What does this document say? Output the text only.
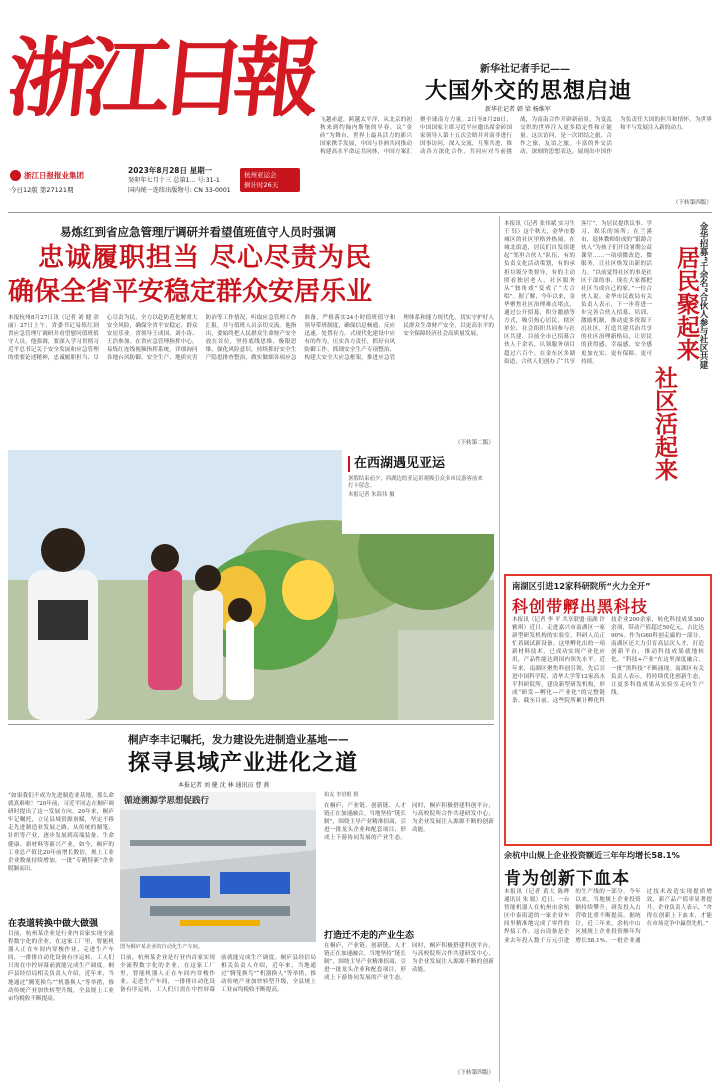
浙
江
日
報
浙江日报报业集团
今日12版 第27121期
2023年8月28日 星期一
癸卯年七月十三 总第1... 号:31-1
国内统一连续出版物号: CN 33-0001
杭州亚运会
倒计时26天
新华社记者手记——
大国外交的思想启迪
新华社记者 韩 梁 杨维军
飞越赤道，跨越太平洋，从北京的初秋来到约翰内斯堡的早春。议“金砖”为舞台，世界上最具活力的新兴国家携手发展，中国与非洲共同推动构建高水平命运共同体，中国方案汇聚全球南方力量。2日至8月28日，中国国家主席习近平应邀出席金砖国家领导人第十五次会晤并对南非进行国事访问，深入交流，互鉴共进，推动各方深化合作，共同应对当前挑战，为南南合作开辟新前景，为变乱交织的世界注入更多稳定性和正能量。这次访问，是一次团结之旅，合作之旅，友谊之旅。丰富的外交活动，深刻的思想表达，展现出中国作为负责任大国的担当和情怀，为世界和平与发展注入新的动力。
（下转第四版）
易炼红到省应急管理厅调研并看望值班值守人员时强调
忠诚履职担当 尽心尽责为民
确保全省平安稳定群众安居乐业
本报杭州8月27日讯（记者 刘 健 余 丽）27日上午，省委书记易炼红到省应急管理厅调研并看望慰问值班值守人员。他强调，要深入学习贯彻习近平总书记关于安全发展和应急管理的重要论述精神，忠诚履职担当、尽心尽责为民，全力以赴防范化解重大安全风险，确保全省平安稳定、群众安居乐业。省领导王成国、刘小涛、王浩参加。在省应急管理指挥中心，易炼红连线视频指挥系统，详细询问各地台风防御、安全生产、地质灾害防治等工作情况，听取应急管理工作汇报，并与值班人员亲切交流。他指出，要始终把人民群众生命财产安全放在首位，坚持底线思维、极限思维，强化风险意识，持续抓好安全生产隐患排查整治，做实做细各项应急准备，严格落实24小时值班值守和领导带班制度，确保信息畅通、反应迅速、处置有力。式现代化建设中应有的作为，压实各方责任，抓好台风防御工作，抓细安全生产专项整治，构建大安全大应急框架，推进应急管理体系和能力现代化，切实守护好人民群众生命财产安全，以更高水平的安全保障经济社会高质量发展。
（下转第二版）
在西湖遇见亚运
暑假结束前夕，西湖边的亚运景观吸引众多市民游客前来打卡留念。
本报记者 朱海伟 摄
本报讯（记者 张伟斌 实习生 王 钰）这个秋天，金华市婺城区的社区里格外热闹。在城北街道，居民们自发组建起“邻里合伙人”队伍，有的负责文化活动策划，有的承担垃圾分类督导，有的主动照看独居老人，社区服务从“独角戏”变成了“大合唱”。据了解，今年以来，金华聚焦社区治理难点堵点，通过公开招募、积分激励等方式，吸引热心居民、辖区单位、社会组织共同参与社区共建，目前全市已招募合伙人千余名，认领服务项目超过六百个。在金东区多湖街道，合伙人们创办了“共享客厅”，为居民提供议事、学习、娱乐的场所；在兰溪市，退休教师组成的“银龄合伙人”为孩子们开设暑期公益课堂……一项项微改造、微服务，让社区焕发出新的活力。“以前觉得社区的事是社区干部的事，现在大家都把社区当成自己的家。”一位合伙人说。金华市民政局有关负责人表示，下一步将进一步完善合伙人招募、培训、激励机制，推动更多资源下沉社区，打造共建共治共享的社区治理新格局，让居民的获得感、幸福感、安全感更加充实、更有保障、更可持续。	金华招募“千余名”合伙人参与社区共建
居民聚起来
社区活起来
南湖区引进12家科研院所“火力全开”
科创带孵出黑科技
本报讯（记者 李 平 共享联盟·南湖 许雅琪）近日，走进嘉兴市南湖区一家新型研发机构的实验室，科研人员正忙着调试新设备。这里孵化出的一项新材料技术，已成功实现产业化应用，产品性能达到国内领先水平。近年来，南湖区聚焦科创引领，先后引进中国科学院、清华大学等12家高水平科研院所，建设新型研发机构，形成“研发—孵化—产业化”的完整链条。截至目前，这些院所累计孵化科技企业200余家，转化科技成果300余项，带动产值超过50亿元，占比达90%。作为G60科创走廊的一部分，南湖区还大力引育高层次人才，打造创新平台，推动科技成果就地转化。“科技+产业”在这里深度融合，一批“黑科技”不断涌现。南湖区有关负责人表示，将持续优化创新生态，让更多科技成果从实验室走向生产线。
桐庐李丰记嘱托，发力建设先进制造业基地——
探寻县域产业进化之道
本报记者 刘 健 沈 林 通讯员 曹 燕
“如果我们不成为先进制造业基地，那么命就真难啦！”20年前，习近平同志在桐庐调研时提出了这一发展方向。20年来，桐庐牢记嘱托，立足县域资源禀赋，坚定不移走先进制造业发展之路，从传统的制笔、针织等产业，逐步发展到高端装备、生命健康、新材料等新兴产业。如今，桐庐的工业总产值比20年前增长数倍，规上工业企业数量持续增加，一批“专精特新”企业脱颖而出。
在表道转换中做大做强
目前，杭州某企业是行业内首家实现全流程数字化的企业，在这家工厂里，智能机器人正在车间内穿梭作业。走进生产车间，一排排自动化设备有序运转，工人们只需在中控屏幕前就能完成生产调度。桐庐县经信局相关负责人介绍，近年来，当地通过“腾笼换鸟”“机器换人”等举措，推动传统产业加快转型升级，全县规上工业亩均税收不断提高。
循迹溯源学思想促践行
图为桐庐某企业的自动化生产车间。
目前，杭州某企业是行业内首家实现全流程数字化的企业，在这家工厂里，智能机器人正在车间内穿梭作业。走进生产车间，一排排自动化设备有序运转，工人们只需在中控屏幕前就能完成生产调度。桐庐县经信局相关负责人介绍，近年来，当地通过“腾笼换鸟”“机器换人”等举措，推动传统产业加快转型升级，全县规上工业亩均税收不断提高。
拍友 李培根 摄
在桐庐，产业链、创新链、人才链正在加速融合。当地坚持“链长制”，围绕主导产业精准招商，引进一批龙头企业和配套项目，形成上下游协同发展的产业生态。同时，桐庐积极搭建科创平台，与高校院所合作共建研发中心，为企业发展注入源源不断的创新动能。
打造迁不走的产业生态
在桐庐，产业链、创新链、人才链正在加速融合。当地坚持“链长制”，围绕主导产业精准招商，引进一批龙头企业和配套项目，形成上下游协同发展的产业生态。同时，桐庐积极搭建科创平台，与高校院所合作共建研发中心，为企业发展注入源源不断的创新动能。
（下转第四版）
余杭中山规上企业投资额近三年年均增长58.1%
肯为创新下血本
本报讯（记者 黄大 陈晔 通讯员 朱 聪）近日，一台智能机器人在杭州市余杭区中泰街道的一家企业车间里精准地完成了零件的焊接工作。这台设备是企业去年投入数千万元引进的生产线的一部分。今年以来，当地规上企业投资额持续攀升，研发投入占营收比重不断提高。据统计，近三年来，余杭中山区域规上企业投资额年均增长58.1%，一批企业通过技术改造实现提质增效，新产品产值率显著提升。企业负责人表示，“舍得在创新上下血本，才能在市场竞争中赢得先机。”
